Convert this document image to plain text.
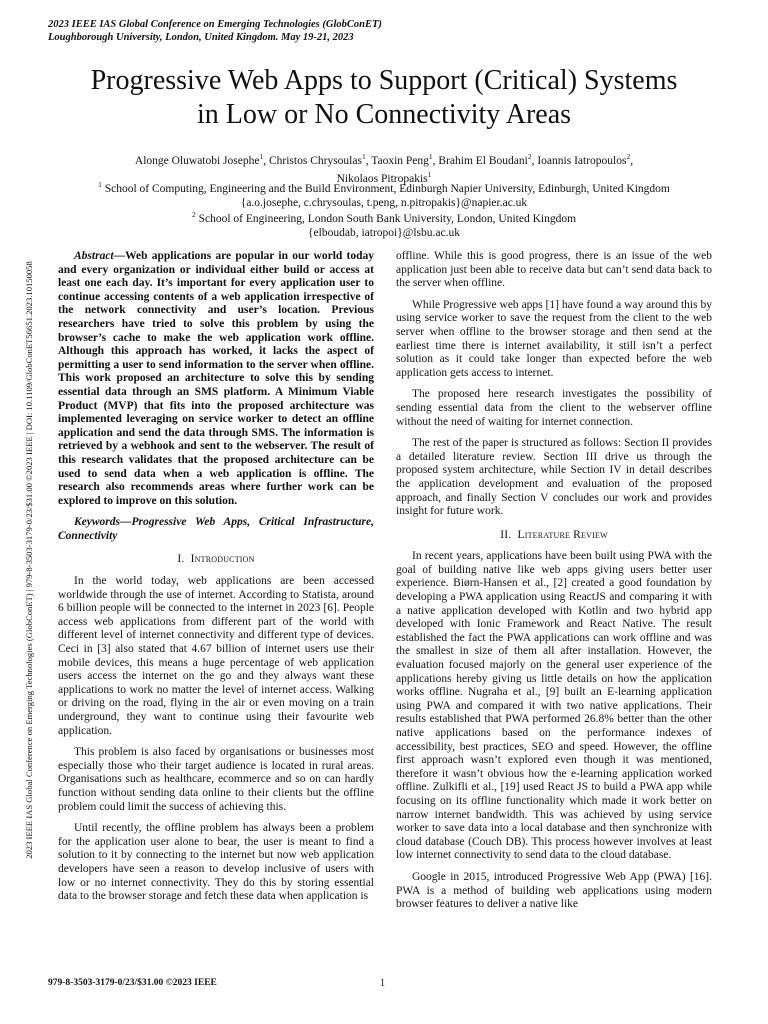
2023 IEEE IAS Global Conference on Emerging Technologies (GlobConET)
Loughborough University, London, United Kingdom. May 19-21, 2023
2023 IEEE IAS Global Conference on Emerging Technologies (GlobConET) | 979-8-3503-3179-0/23/$31.00 ©2023 IEEE | DOI: 10.1109/GlobConET56651.2023.10150058
Progressive Web Apps to Support (Critical) Systems
in Low or No Connectivity Areas
Alonge Oluwatobi Josephe$^1$, Christos Chrysoulas$^1$, Taoxin Peng$^1$, Brahim El Boudani$^2$, Ioannis Iatropoulos$^2$,
Nikolaos Pitropakis$^1$
$^1$ School of Computing, Engineering and the Build Environment, Edinburgh Napier University, Edinburgh, United Kingdom
{a.o.josephe, c.chrysoulas, t.peng, n.pitropakis}@napier.ac.uk
$^2$ School of Engineering, London South Bank University, London, United Kingdom
{elboudab, iatropoi}@lsbu.ac.uk

Abstract—Web applications are popular in our world today and every organization or individual either build or access at least one each day. It’s important for every application user to continue accessing contents of a web application irrespective of the network connectivity and user’s location. Previous researchers have tried to solve this problem by using the browser’s cache to make the web application work offline. Although this approach has worked, it lacks the aspect of permitting a user to send information to the server when offline. This work proposed an architecture to solve this by sending essential data through an SMS platform. A Minimum Viable Product (MVP) that fits into the proposed architecture was implemented leveraging on service worker to detect an offline application and send the data through SMS. The information is retrieved by a webhook and sent to the webserver. The result of this research validates that the proposed architecture can be used to send data when a web application is offline. The research also recommends areas where further work can be explored to improve on this solution.

Keywords—Progressive Web Apps, Critical Infrastructure, Connectivity

I. Introduction

In the world today, web applications are been accessed worldwide through the use of internet. According to Statista, around 6 billion people will be connected to the internet in 2023 [6]. People access web applications from different part of the world with different level of internet connectivity and different type of devices. Ceci in [3] also stated that 4.67 billion of internet users use their mobile devices, this means a huge percentage of web application users access the internet on the go and they always want these applications to work no matter the level of internet access. Walking or driving on the road, flying in the air or even moving on a train underground, they want to continue using their favourite web application.

This problem is also faced by organisations or businesses most especially those who their target audience is located in rural areas. Organisations such as healthcare, ecommerce and so on can hardly function without sending data online to their clients but the offline problem could limit the success of achieving this.

Until recently, the offline problem has always been a problem for the application user alone to bear, the user is meant to find a solution to it by connecting to the internet but now web application developers have seen a reason to develop inclusive of users with low or no internet connectivity. They do this by storing essential data to the browser storage and fetch these data when application is

offline. While this is good progress, there is an issue of the web application just been able to receive data but can’t send data back to the server when offline.

While Progressive web apps [1] have found a way around this by using service worker to save the request from the client to the web server when offline to the browser storage and then send at the earliest time there is internet availability, it still isn’t a perfect solution as it could take longer than expected before the web application gets access to internet.

The proposed here research investigates the possibility of sending essential data from the client to the webserver offline without the need of waiting for internet connection.

The rest of the paper is structured as follows: Section II provides a detailed literature review. Section III drive us through the proposed system architecture, while Section IV in detail describes the application development and evaluation of the proposed approach, and finally Section V concludes our work and provides insight for future work.

II. Literature Review

In recent years, applications have been built using PWA with the goal of building native like web apps giving users better user experience. Biørn-Hansen et al., [2] created a good foundation by developing a PWA application using ReactJS and comparing it with a native application developed with Kotlin and two hybrid app developed with Ionic Framework and React Native. The result established the fact the PWA applications can work offline and was the smallest in size of them all after installation. However, the evaluation focused majorly on the general user experience of the applications hereby giving us little details on how the application works offline. Nugraha et al., [9] built an E-learning application using PWA and compared it with two native applications. Their results established that PWA performed 26.8% better than the other native applications based on the performance indexes of accessibility, best practices, SEO and speed. However, the offline first approach wasn’t explored even though it was mentioned, therefore it wasn’t obvious how the e-learning application worked offline. Zulkifli et al., [19] used React JS to build a PWA app while focusing on its offline functionality which made it work better on narrow internet bandwidth. This was achieved by using service worker to save data into a local database and then synchronize with cloud database (Couch DB). This process however involves at least low internet connectivity to send data to the cloud database.

Google in 2015, introduced Progressive Web App (PWA) [16]. PWA is a method of building web applications using modern browser features to deliver a native like

979-8-3503-3179-0/23/$31.00 ©2023 IEEE	1
